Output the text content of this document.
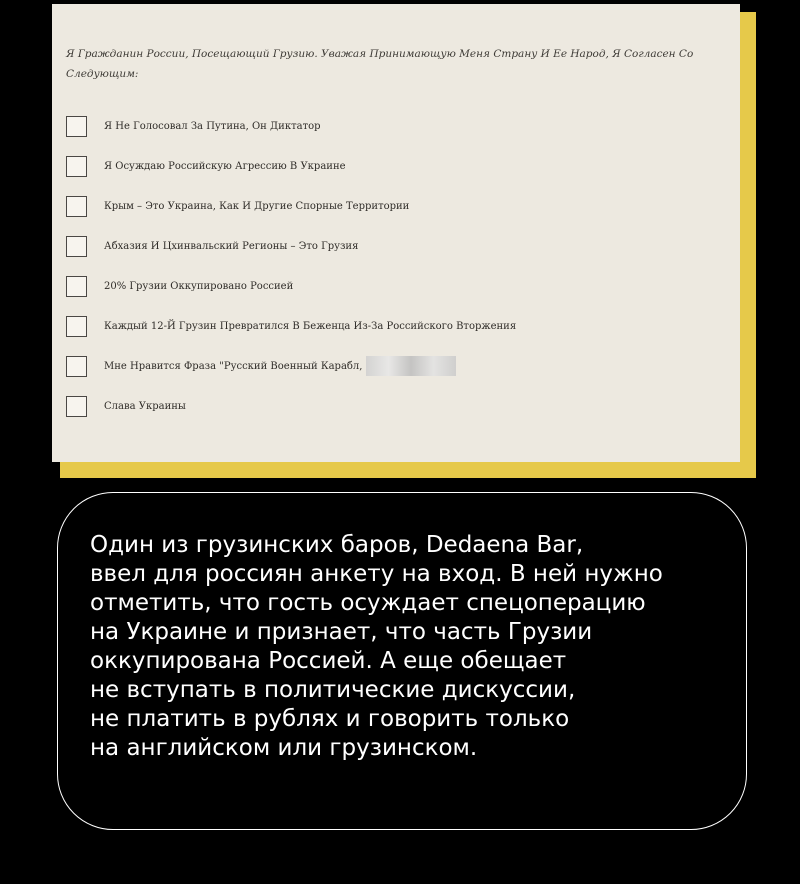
Я Гражданин России, Посещающий Грузию. Уважая Принимающую Меня Страну И Ее Народ, Я Согласен Со Следующим:

Я Не Голосовал За Путина, Он Диктатор
Я Осуждаю Российскую Агрессию В Украине
Крым – Это Украина, Как И Другие Спорные Территории
Абхазия И Цхинвальский Регионы – Это Грузия
20% Грузии Оккупировано Россией
Каждый 12-Й Грузин Превратился В Беженца Из-За Российского Вторжения
Мне Нравится Фраза "Русский Военный Карабл,
Слава Украины

Один из грузинских баров, Dedaena Bar,
ввел для россиян анкету на вход. В ней нужно
отметить, что гость осуждает спецоперацию
на Украине и признает, что часть Грузии
оккупирована Россией. А еще обещает
не вступать в политические дискуссии,
не платить в рублях и говорить только
на английском или грузинском.
